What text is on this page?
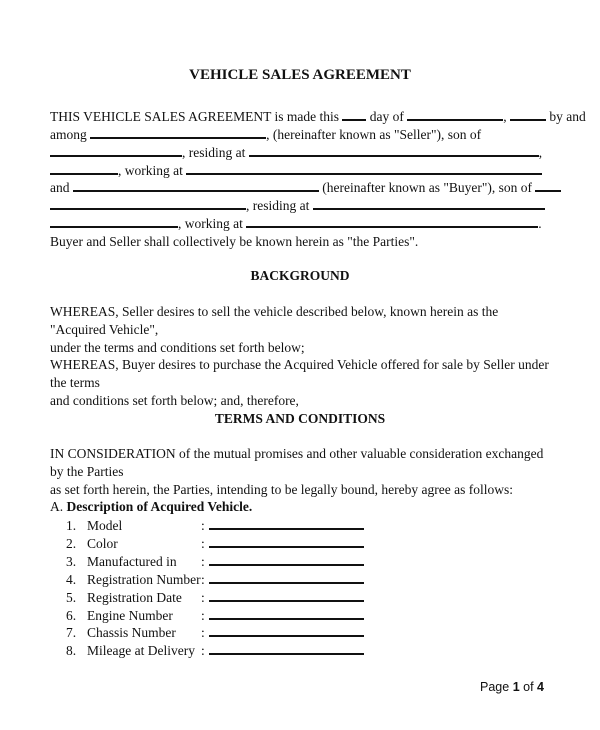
VEHICLE SALES AGREEMENT
THIS VEHICLE SALES AGREEMENT is made this day of	,	by and
among	, (hereinafter known as "Seller"), son of
, residing at	,
, working at
and	(hereinafter known as "Buyer"), son of
, residing at
, working at	.
Buyer and Seller shall collectively be known herein as "the Parties".
BACKGROUND
WHEREAS, Seller desires to sell the vehicle described below, known herein as the "Acquired Vehicle",
under the terms and conditions set forth below;
WHEREAS, Buyer desires to purchase the Acquired Vehicle offered for sale by Seller under the terms
and conditions set forth below; and, therefore,
TERMS AND CONDITIONS
IN CONSIDERATION of the mutual promises and other valuable consideration exchanged by the Parties
as set forth herein, the Parties, intending to be legally bound, hereby agree as follows:
A. Description of Acquired Vehicle.
1. Model	:
2. Color	:
3. Manufactured in :
4. Registration Number:
5. Registration Date :
6. Engine Number :
7. Chassis Number :
8. Mileage at Delivery :
Page 1 of 4
